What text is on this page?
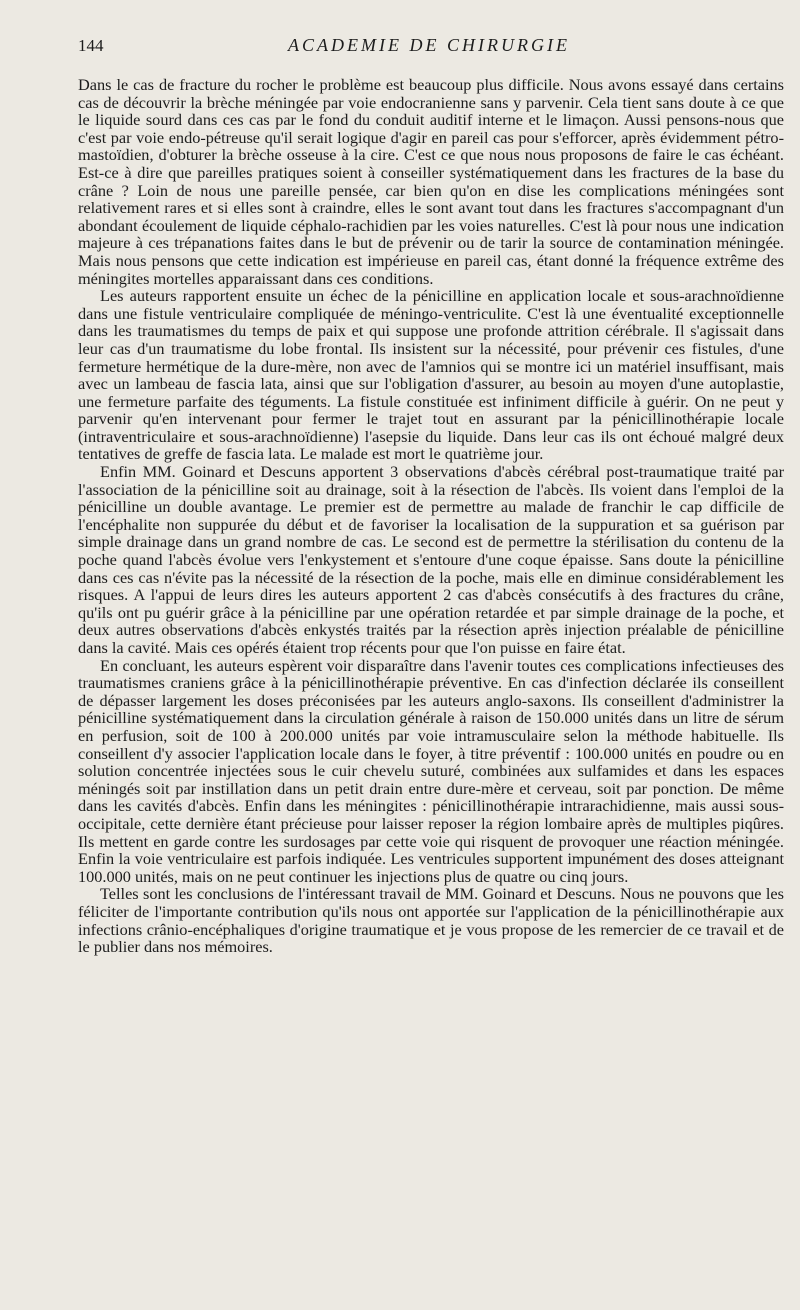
144	ACADEMIE DE CHIRURGIE

Dans le cas de fracture du rocher le problème est beaucoup plus difficile. Nous avons essayé dans certains cas de découvrir la brèche méningée par voie endocranienne sans y parvenir. Cela tient sans doute à ce que le liquide sourd dans ces cas par le fond du conduit auditif interne et le limaçon. Aussi pensons-nous que c'est par voie endo-pétreuse qu'il serait logique d'agir en pareil cas pour s'efforcer, après évidemment pétro-mastoïdien, d'obturer la brèche osseuse à la cire. C'est ce que nous nous proposons de faire le cas échéant. Est-ce à dire que pareilles pratiques soient à conseiller systématiquement dans les fractures de la base du crâne ? Loin de nous une pareille pensée, car bien qu'on en dise les complications méningées sont relativement rares et si elles sont à craindre, elles le sont avant tout dans les fractures s'accompagnant d'un abondant écoulement de liquide céphalo-rachidien par les voies naturelles. C'est là pour nous une indication majeure à ces trépanations faites dans le but de prévenir ou de tarir la source de contamination méningée. Mais nous pensons que cette indication est impérieuse en pareil cas, étant donné la fréquence extrême des méningites mortelles apparaissant dans ces conditions.

Les auteurs rapportent ensuite un échec de la pénicilline en application locale et sous-arachnoïdienne dans une fistule ventriculaire compliquée de méningo-ventriculite. C'est là une éventualité exceptionnelle dans les traumatismes du temps de paix et qui suppose une profonde attrition cérébrale. Il s'agissait dans leur cas d'un traumatisme du lobe frontal. Ils insistent sur la nécessité, pour prévenir ces fistules, d'une fermeture hermétique de la dure-mère, non avec de l'amnios qui se montre ici un matériel insuffisant, mais avec un lambeau de fascia lata, ainsi que sur l'obligation d'assurer, au besoin au moyen d'une autoplastie, une fermeture parfaite des téguments. La fistule constituée est infiniment difficile à guérir. On ne peut y parvenir qu'en intervenant pour fermer le trajet tout en assurant par la pénicillinothérapie locale (intraventriculaire et sous-arachnoïdienne) l'asepsie du liquide. Dans leur cas ils ont échoué malgré deux tentatives de greffe de fascia lata. Le malade est mort le quatrième jour.

Enfin MM. Goinard et Descuns apportent 3 observations d'abcès cérébral post-traumatique traité par l'association de la pénicilline soit au drainage, soit à la résection de l'abcès. Ils voient dans l'emploi de la pénicilline un double avantage. Le premier est de permettre au malade de franchir le cap difficile de l'encéphalite non suppurée du début et de favoriser la localisation de la suppuration et sa guérison par simple drainage dans un grand nombre de cas. Le second est de permettre la stérilisation du contenu de la poche quand l'abcès évolue vers l'enkystement et s'entoure d'une coque épaisse. Sans doute la pénicilline dans ces cas n'évite pas la nécessité de la résection de la poche, mais elle en diminue considérablement les risques. A l'appui de leurs dires les auteurs apportent 2 cas d'abcès consécutifs à des fractures du crâne, qu'ils ont pu guérir grâce à la pénicilline par une opération retardée et par simple drainage de la poche, et deux autres observations d'abcès enkystés traités par la résection après injection préalable de pénicilline dans la cavité. Mais ces opérés étaient trop récents pour que l'on puisse en faire état.

En concluant, les auteurs espèrent voir disparaître dans l'avenir toutes ces complications infectieuses des traumatismes craniens grâce à la pénicillinothérapie préventive. En cas d'infection déclarée ils conseillent de dépasser largement les doses préconisées par les auteurs anglo-saxons. Ils conseillent d'administrer la pénicilline systématiquement dans la circulation générale à raison de 150.000 unités dans un litre de sérum en perfusion, soit de 100 à 200.000 unités par voie intramusculaire selon la méthode habituelle. Ils conseillent d'y associer l'application locale dans le foyer, à titre préventif : 100.000 unités en poudre ou en solution concentrée injectées sous le cuir chevelu suturé, combinées aux sulfamides et dans les espaces méningés soit par instillation dans un petit drain entre dure-mère et cerveau, soit par ponction. De même dans les cavités d'abcès. Enfin dans les méningites : pénicillinothérapie intrarachidienne, mais aussi sous-occipitale, cette dernière étant précieuse pour laisser reposer la région lombaire après de multiples piqûres. Ils mettent en garde contre les surdosages par cette voie qui risquent de provoquer une réaction méningée. Enfin la voie ventriculaire est parfois indiquée. Les ventricules supportent impunément des doses atteignant 100.000 unités, mais on ne peut continuer les injections plus de quatre ou cinq jours.

Telles sont les conclusions de l'intéressant travail de MM. Goinard et Descuns. Nous ne pouvons que les féliciter de l'importante contribution qu'ils nous ont apportée sur l'application de la pénicillinothérapie aux infections crânio-encéphaliques d'origine traumatique et je vous propose de les remercier de ce travail et de le publier dans nos mémoires.
